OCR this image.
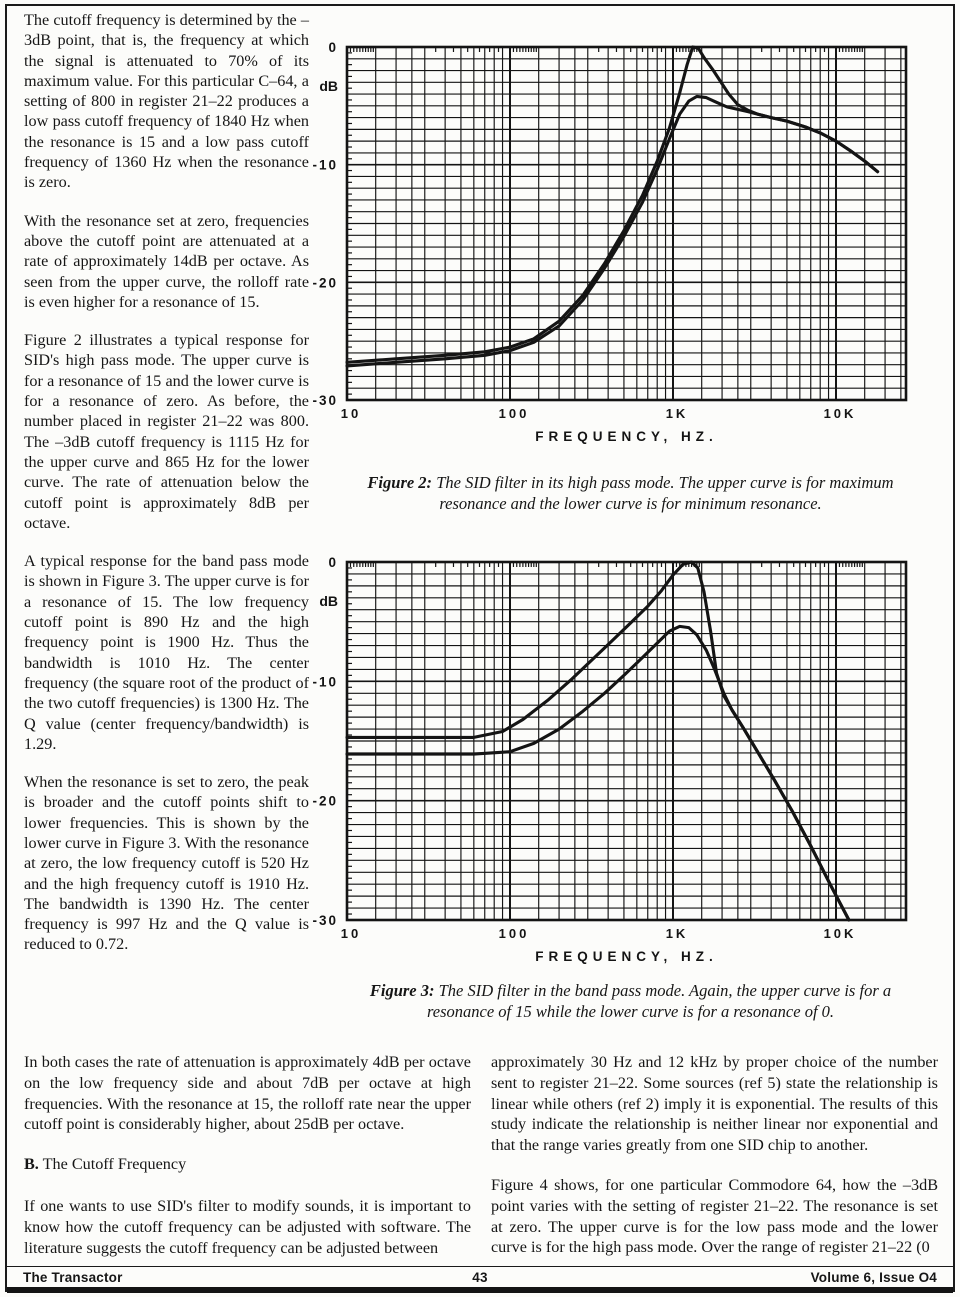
The cutoff frequency is determined by the –3dB point, that is, the frequency at which the signal is attenuated to 70% of its maximum value. For this particular C–64, a setting of 800 in register 21–22 produces a low pass cutoff frequency of 1840 Hz when the resonance is 15 and a low pass cutoff frequency of 1360 Hz when the resonance is zero.

With the resonance set at zero, frequencies above the cutoff point are attenuated at a rate of approximately 14dB per octave. As seen from the upper curve, the rolloff rate is even higher for a resonance of 15.

Figure 2 illustrates a typical response for SID's high pass mode. The upper curve is for a resonance of 15 and the lower curve is for a resonance of zero. As before, the number placed in register 21–22 was 800. The –3dB cutoff frequency is 1115 Hz for the upper curve and 865 Hz for the lower curve. The rate of attenuation below the cutoff point is approximately 8dB per octave.

A typical response for the band pass mode is shown in Figure 3. The upper curve is for a resonance of 15. The low frequency cutoff point is 890 Hz and the high frequency point is 1900 Hz. Thus the bandwidth is 1010 Hz. The center frequency (the square root of the product of the two cutoff frequencies) is 1300 Hz. The Q value (center frequency/bandwidth) is 1.29.

When the resonance is set to zero, the peak is broader and the cutoff points shift to lower frequencies. This is shown by the lower curve in Figure 3. With the resonance at zero, the low frequency cutoff is 520 Hz and the high frequency cutoff is 1910 Hz. The bandwidth is 1390 Hz. The center frequency is 997 Hz and the Q value is reduced to 0.72.

0
-10
-20
-30
dB
10	100	1K	10K
FREQUENCY, HZ.
Figure 2: The SID filter in its high pass mode. The upper curve is for maximum resonance and the lower curve is for minimum resonance.
0
-10
-20
-30
dB
10	100	1K	10K
FREQUENCY, HZ.
Figure 3: The SID filter in the band pass mode. Again, the upper curve is for a resonance of 15 while the lower curve is for a resonance of 0.

In both cases the rate of attenuation is approximately 4dB per octave on the low frequency side and about 7dB per octave at high frequencies. With the resonance at 15, the rolloff rate near the upper cutoff point is considerably higher, about 25dB per octave.

B. The Cutoff Frequency

If one wants to use SID's filter to modify sounds, it is important to know how the cutoff frequency can be adjusted with software. The literature suggests the cutoff frequency can be adjusted between

approximately 30 Hz and 12 kHz by proper choice of the number sent to register 21–22. Some sources (ref 5) state the relationship is linear while others (ref 2) imply it is exponential. The results of this study indicate the relationship is neither linear nor exponential and that the range varies greatly from one SID chip to another.

Figure 4 shows, for one particular Commodore 64, how the –3dB point varies with the setting of register 21–22. The resonance is set at zero. The upper curve is for the low pass mode and the lower curve is for the high pass mode. Over the range of register 21–22 (0

The Transactor	43	Volume 6, Issue O4
